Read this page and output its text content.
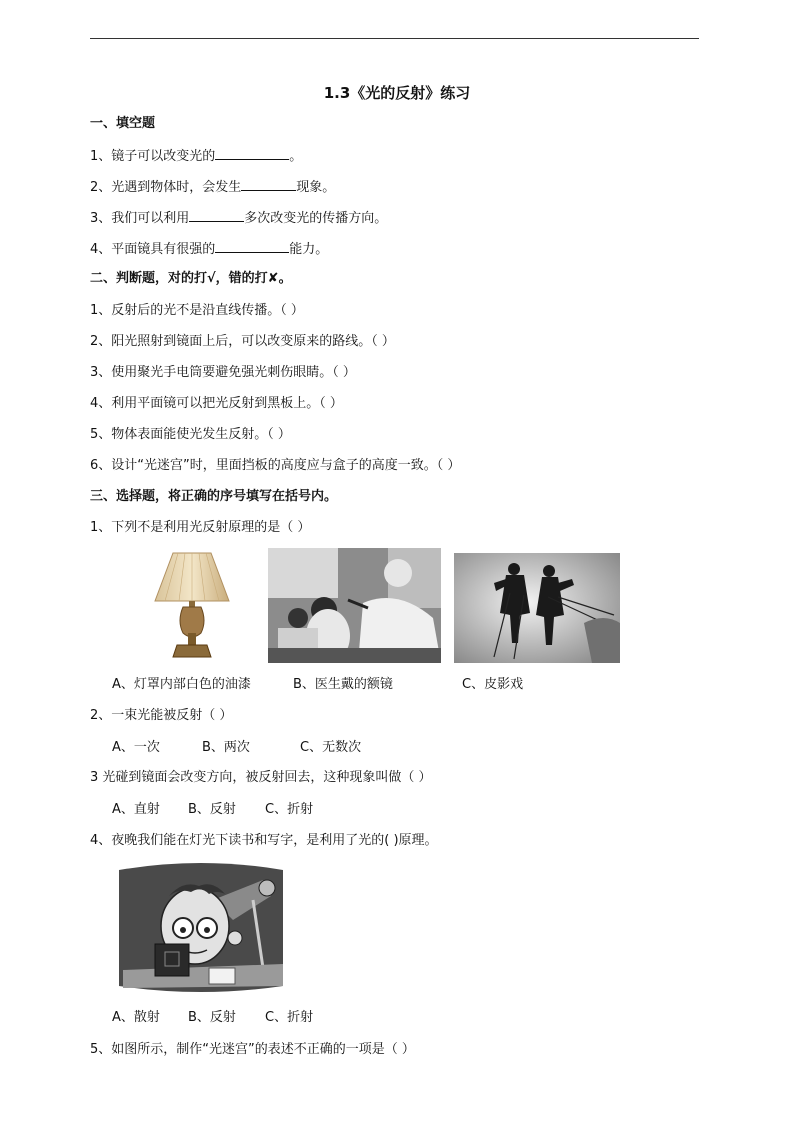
1.3《光的反射》练习
一、填空题
1、镜子可以改变光的	。
2、光遇到物体时，会发生	现象。
3、我们可以利用	多次改变光的传播方向。
4、平面镜具有很强的	能力。
二、判断题，对的打√，错的打✘。
1、反射后的光不是沿直线传播。（ ）
2、阳光照射到镜面上后，可以改变原来的路线。（ ）
3、使用聚光手电筒要避免强光刺伤眼睛。（ ）
4、利用平面镜可以把光反射到黑板上。（ ）
5、物体表面能使光发生反射。（ ）
6、设计“光迷宫”时，里面挡板的高度应与盒子的高度一致。（ ）
三、选择题，将正确的序号填写在括号内。
1、下列不是利用光反射原理的是（ ）
A、灯罩内部白色的油漆	B、医生戴的额镜	C、皮影戏
2、一束光能被反射（ ）
A、一次	B、两次	C、无数次
3 光碰到镜面会改变方向，被反射回去，这种现象叫做（ ）
A、直射 B、反射 C、折射
4、夜晚我们能在灯光下读书和写字，是利用了光的( )原理。
A、散射 B、反射 C、折射
5、如图所示，制作“光迷宫”的表述不正确的一项是（ ）
